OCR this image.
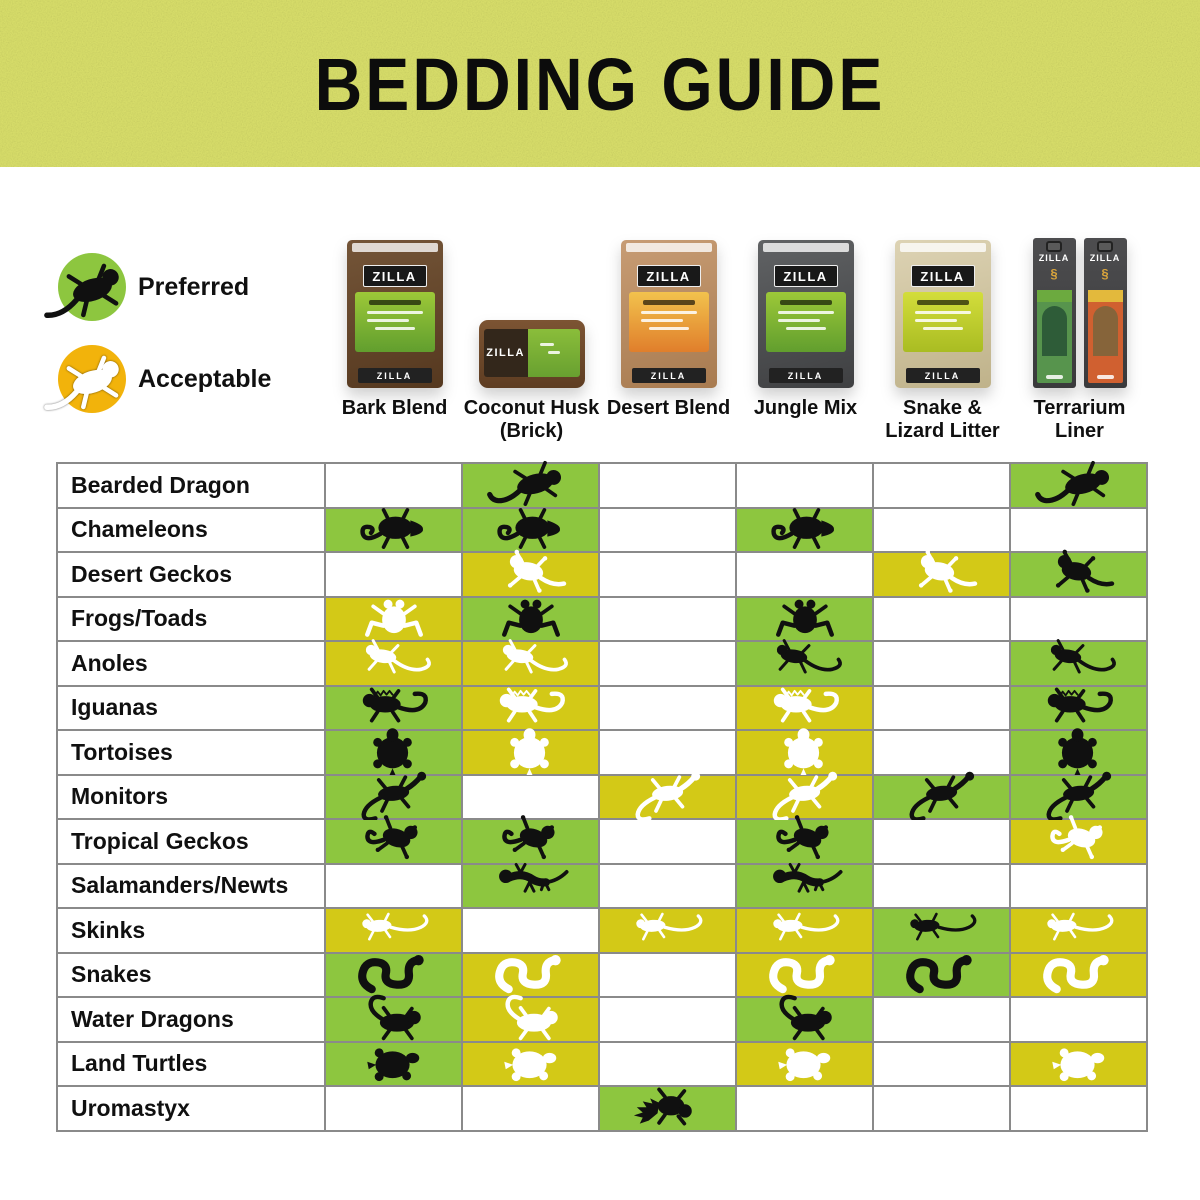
BEDDING GUIDE
Preferred
Acceptable
ZILLA
ZILLA
Bark Blend
ZILLA
Coconut Husk (Brick)
ZILLA
ZILLA
Desert Blend
ZILLA
ZILLA
Jungle Mix
ZILLA
ZILLA
Snake & Lizard Litter
ZILLA
§
ZILLA
§
Terrarium Liner
Bearded Dragon
Chameleons
Desert Geckos
Frogs/Toads
Anoles
Iguanas
Tortoises
Monitors
Tropical Geckos
Salamanders/Newts
Skinks
Snakes
Water Dragons
Land Turtles
Uromastyx
